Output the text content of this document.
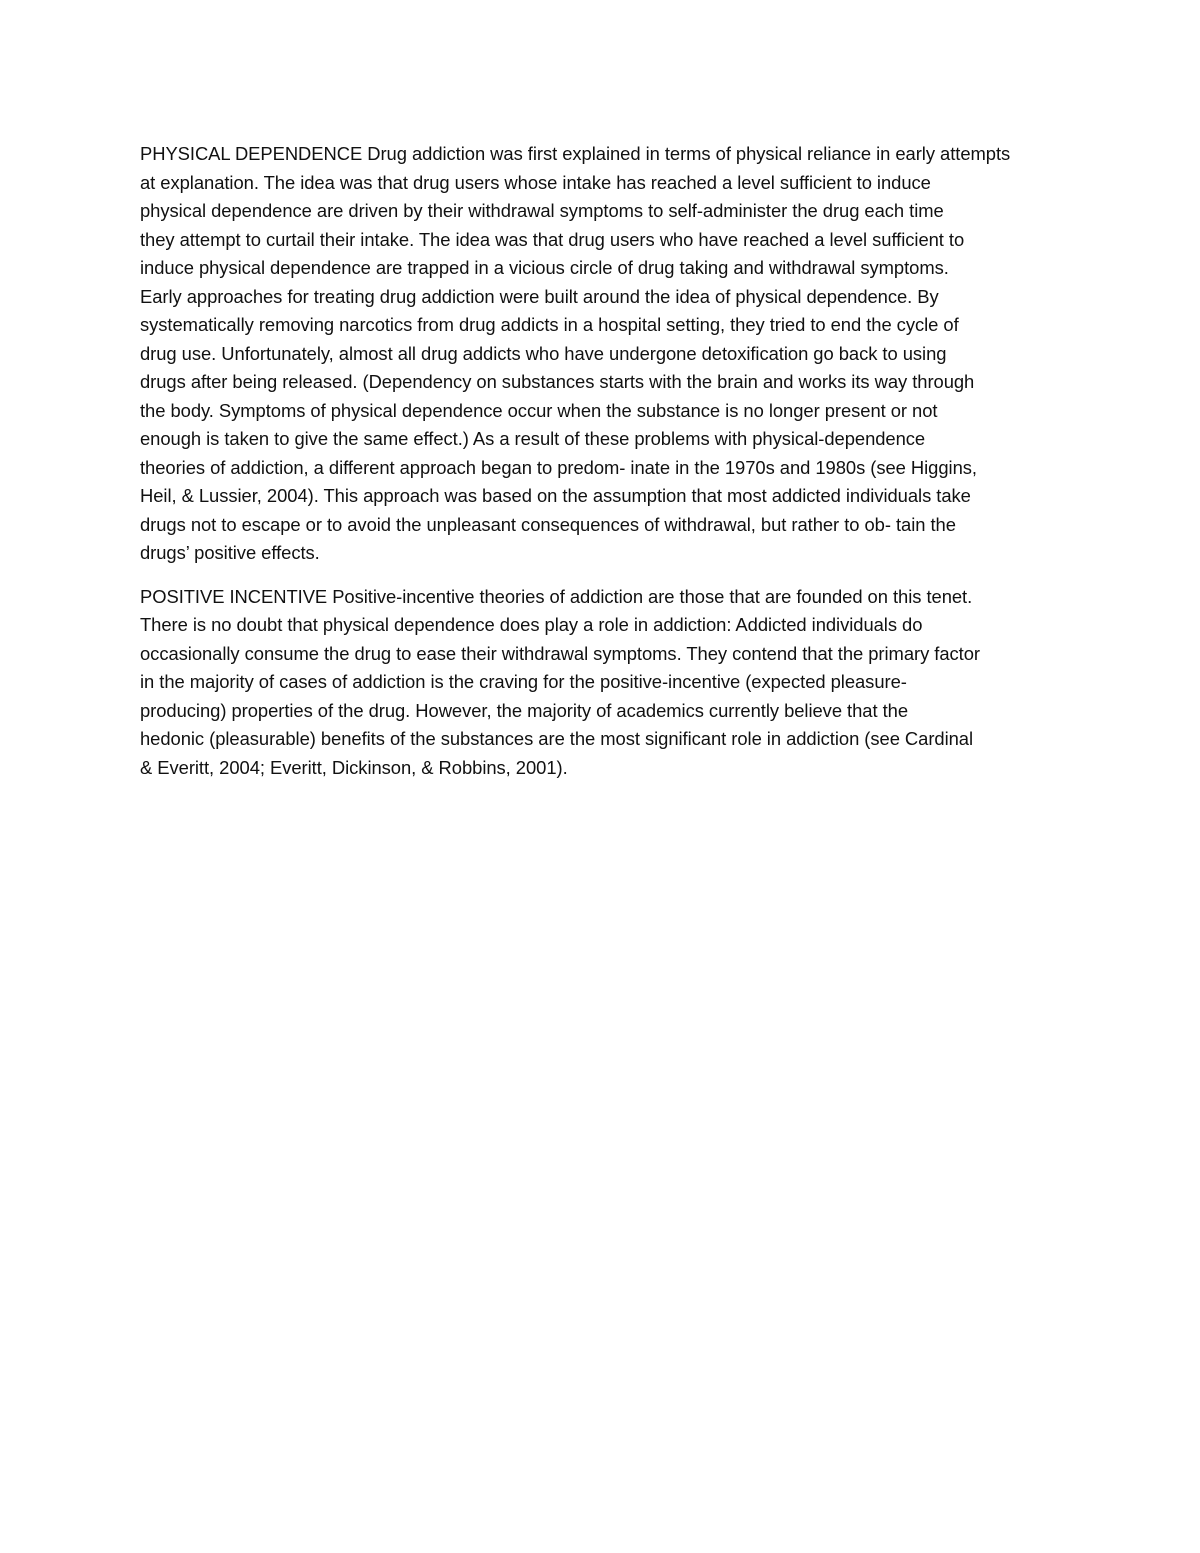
PHYSICAL DEPENDENCE Drug addiction was first explained in terms of physical reliance in early attempts
at explanation. The idea was that drug users whose intake has reached a level sufficient to induce
physical dependence are driven by their withdrawal symptoms to self-administer the drug each time
they attempt to curtail their intake. The idea was that drug users who have reached a level sufficient to
induce physical dependence are trapped in a vicious circle of drug taking and withdrawal symptoms.
Early approaches for treating drug addiction were built around the idea of physical dependence. By
systematically removing narcotics from drug addicts in a hospital setting, they tried to end the cycle of
drug use. Unfortunately, almost all drug addicts who have undergone detoxification go back to using
drugs after being released. (Dependency on substances starts with the brain and works its way through
the body. Symptoms of physical dependence occur when the substance is no longer present or not
enough is taken to give the same effect.) As a result of these problems with physical-dependence
theories of addiction, a different approach began to predom- inate in the 1970s and 1980s (see Higgins,
Heil, & Lussier, 2004). This approach was based on the assumption that most addicted individuals take
drugs not to escape or to avoid the unpleasant consequences of withdrawal, but rather to ob- tain the
drugs’ positive effects.

POSITIVE INCENTIVE Positive-incentive theories of addiction are those that are founded on this tenet.
There is no doubt that physical dependence does play a role in addiction: Addicted individuals do
occasionally consume the drug to ease their withdrawal symptoms. They contend that the primary factor
in the majority of cases of addiction is the craving for the positive-incentive (expected pleasure-
producing) properties of the drug. However, the majority of academics currently believe that the
hedonic (pleasurable) benefits of the substances are the most significant role in addiction (see Cardinal
& Everitt, 2004; Everitt, Dickinson, & Robbins, 2001).
